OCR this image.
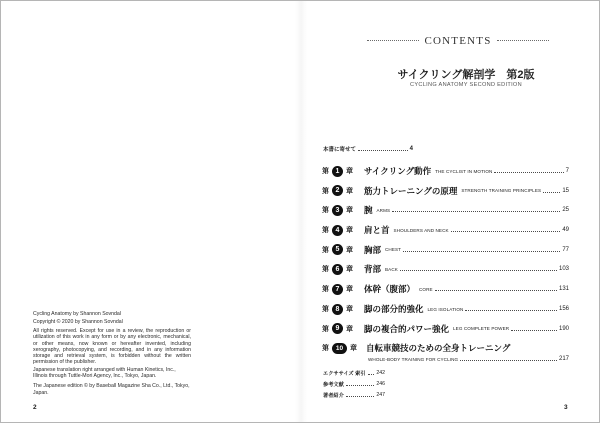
Cycling Anatomy by Shannon Sovndal

Copyright © 2020 by Shannon Sovndal

All rights reserved. Except for use in a review, the reproduction or utilization of this work in any form or by any electronic, mechanical, or other means, now known or hereafter invented, including xerography, photocopying, and recording, and in any information storage and retrieval system, is forbidden without the written permission of the publisher.

Japanese translation right arranged with Human Kinetics, Inc., Illinois through Tuttle-Mori Agency, Inc., Tokyo, Japan.

The Japanese edition © by Baseball Magazine Sha Co., Ltd., Tokyo, Japan.

2
CONTENTS
サイクリング解剖学　第2版
CYCLING ANATOMY SECOND EDITION
本書に寄せて	4
第 1 章 サイクリング動作 THE CYCLIST IN MOTION	7
第 2 章 筋力トレーニングの原理 STRENGTH TRAINING PRINCIPLES	15
第 3 章 腕 ARMS	25
第 4 章 肩と首 SHOULDERS AND NECK	49
第 5 章 胸部 CHEST	77
第 6 章 背部 BACK	103
第 7 章 体幹（腹部） CORE	131
第 8 章 脚の部分的強化 LEG ISOLATION	156
第 9 章 脚の複合的パワー強化 LEG COMPLETE POWER	190
第	10 章 自転車競技のための全身トレーニング
WHOLE-BODY TRAINING FOR CYCLING	217
エクササイズ 索引 242
参考文献	246
著者紹介	247
3
